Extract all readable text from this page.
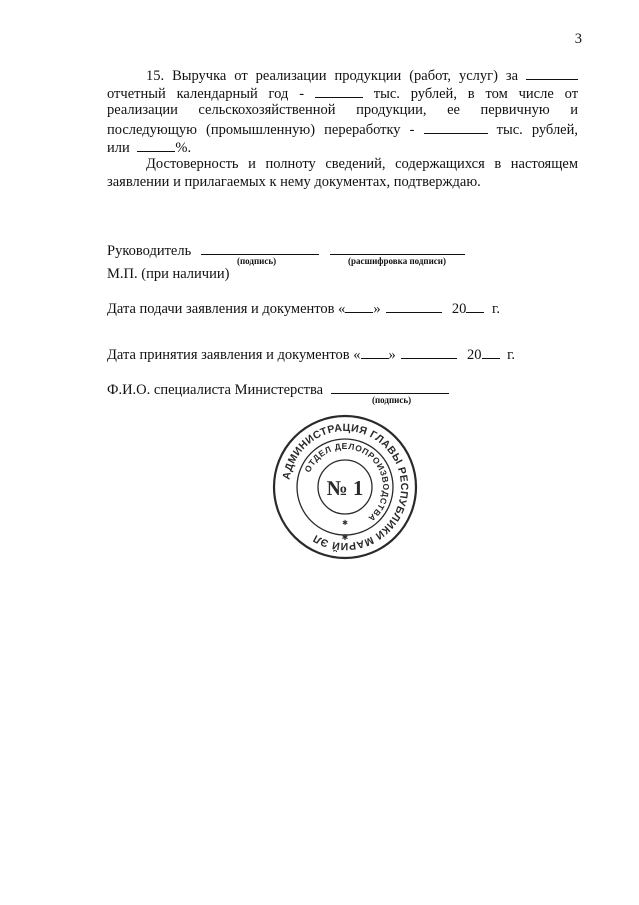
3
15. Выручка от реализации продукции (работ, услуг) за
отчетный календарный год -	тыс. рублей, в том числе от
реализации сельскохозяйственной продукции, ее первичную и
последующую (промышленную) переработку -	тыс. рублей,
или	%.
Достоверность и полноту сведений, содержащихся в настоящем
заявлении и прилагаемых к нему документах, подтверждаю.
Руководитель
(подпись)	(расшифровка подписи)
М.П. (при наличии)
Дата подачи заявления и документов « »	20 г.
Дата принятия заявления и документов « »	20 г.
Ф.И.О. специалиста Министерства
(подпись)
АДМИНИСТРАЦИЯ ГЛАВЫ РЕСПУБЛИКИ МАРИЙ ЭЛ
ОТДЕЛ ДЕЛОПРОИЗВОДСТВА
№ 1
✱
✱
